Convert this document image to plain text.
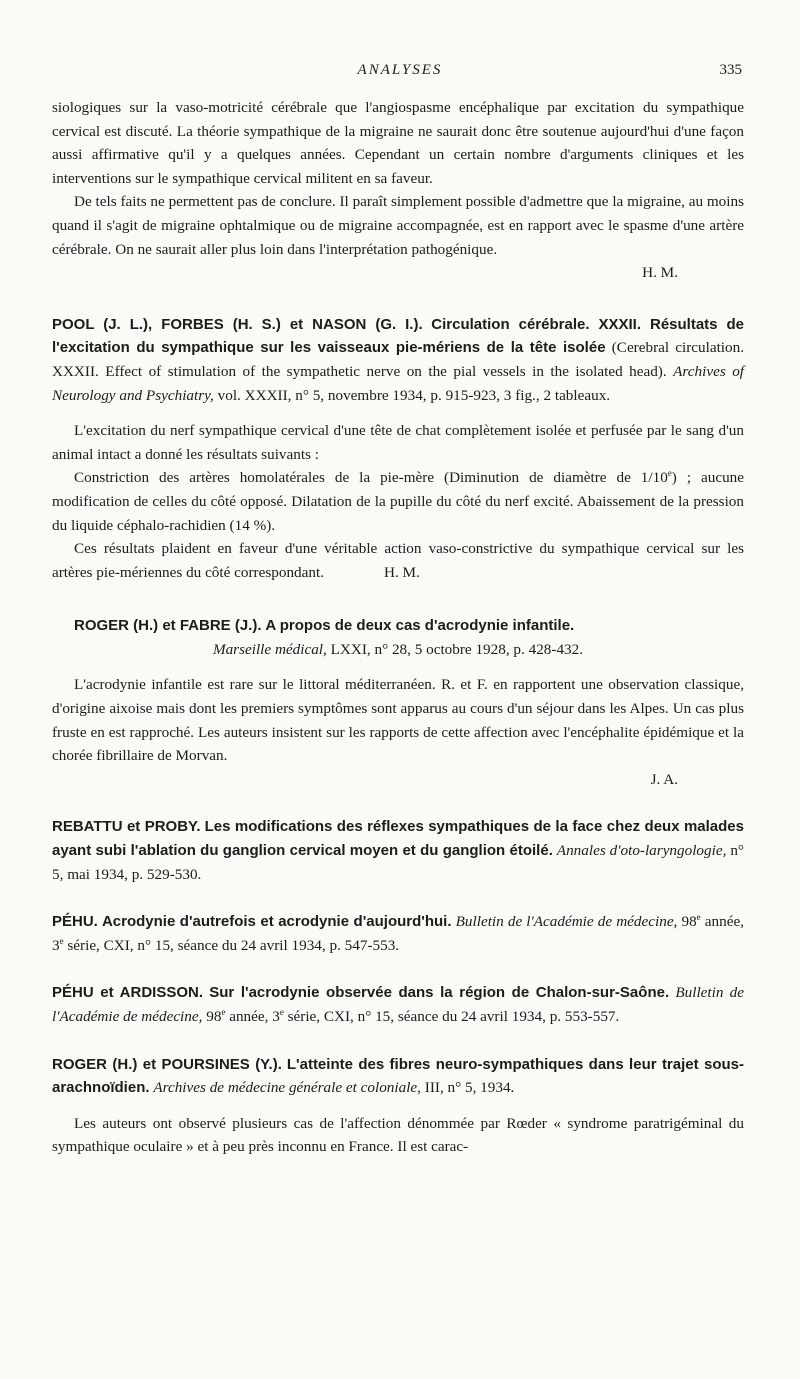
ANALYSES	335

siologiques sur la vaso-motricité cérébrale que l'angiospasme encéphalique par excitation du sympathique cervical est discuté. La théorie sympathique de la migraine ne saurait donc être soutenue aujourd'hui d'une façon aussi affirmative qu'il y a quelques années. Cependant un certain nombre d'arguments cliniques et les interventions sur le sympathique cervical militent en sa faveur.

De tels faits ne permettent pas de conclure. Il paraît simplement possible d'admettre que la migraine, au moins quand il s'agit de migraine ophtalmique ou de migraine accompagnée, est en rapport avec le spasme d'une artère cérébrale. On ne saurait aller plus loin dans l'interprétation pathogénique.

H. M.

POOL (J. L.), FORBES (H. S.) et NASON (G. I.). Circulation cérébrale. XXXII. Résultats de l'excitation du sympathique sur les vaisseaux pie-mériens de la tête isolée (Cerebral circulation. XXXII. Effect of stimulation of the sympathetic nerve on the pial vessels in the isolated head). Archives of Neurology and Psychiatry, vol. XXXII, n° 5, novembre 1934, p. 915-923, 3 fig., 2 tableaux.

L'excitation du nerf sympathique cervical d'une tête de chat complètement isolée et perfusée par le sang d'un animal intact a donné les résultats suivants :

Constriction des artères homolatérales de la pie-mère (Diminution de diamètre de 1/10e) ; aucune modification de celles du côté opposé. Dilatation de la pupille du côté du nerf excité. Abaissement de la pression du liquide céphalo-rachidien (14 %).

Ces résultats plaident en faveur d'une véritable action vaso-constrictive du sympathique cervical sur les artères pie-mériennes du côté correspondant.	H. M.

ROGER (H.) et FABRE (J.). A propos de deux cas d'acrodynie infantile.

Marseille médical, LXXI, n° 28, 5 octobre 1928, p. 428-432.

L'acrodynie infantile est rare sur le littoral méditerranéen. R. et F. en rapportent une observation classique, d'origine aixoise mais dont les premiers symptômes sont apparus au cours d'un séjour dans les Alpes. Un cas plus fruste en est rapproché. Les auteurs insistent sur les rapports de cette affection avec l'encéphalite épidémique et la chorée fibrillaire de Morvan.

J. A.

REBATTU et PROBY. Les modifications des réflexes sympathiques de la face chez deux malades ayant subi l'ablation du ganglion cervical moyen et du ganglion étoilé. Annales d'oto-laryngologie, n° 5, mai 1934, p. 529-530.

PÉHU. Acrodynie d'autrefois et acrodynie d'aujourd'hui. Bulletin de l'Académie de médecine, 98e année, 3e série, CXI, n° 15, séance du 24 avril 1934, p. 547-553.

PÉHU et ARDISSON. Sur l'acrodynie observée dans la région de Chalon-sur-Saône. Bulletin de l'Académie de médecine, 98e année, 3e série, CXI, n° 15, séance du 24 avril 1934, p. 553-557.

ROGER (H.) et POURSINES (Y.). L'atteinte des fibres neuro-sympathiques dans leur trajet sous-arachnoïdien. Archives de médecine générale et coloniale, III, n° 5, 1934.

Les auteurs ont observé plusieurs cas de l'affection dénommée par Rœder « syndrome paratrigéminal du sympathique oculaire » et à peu près inconnu en France. Il est carac-
